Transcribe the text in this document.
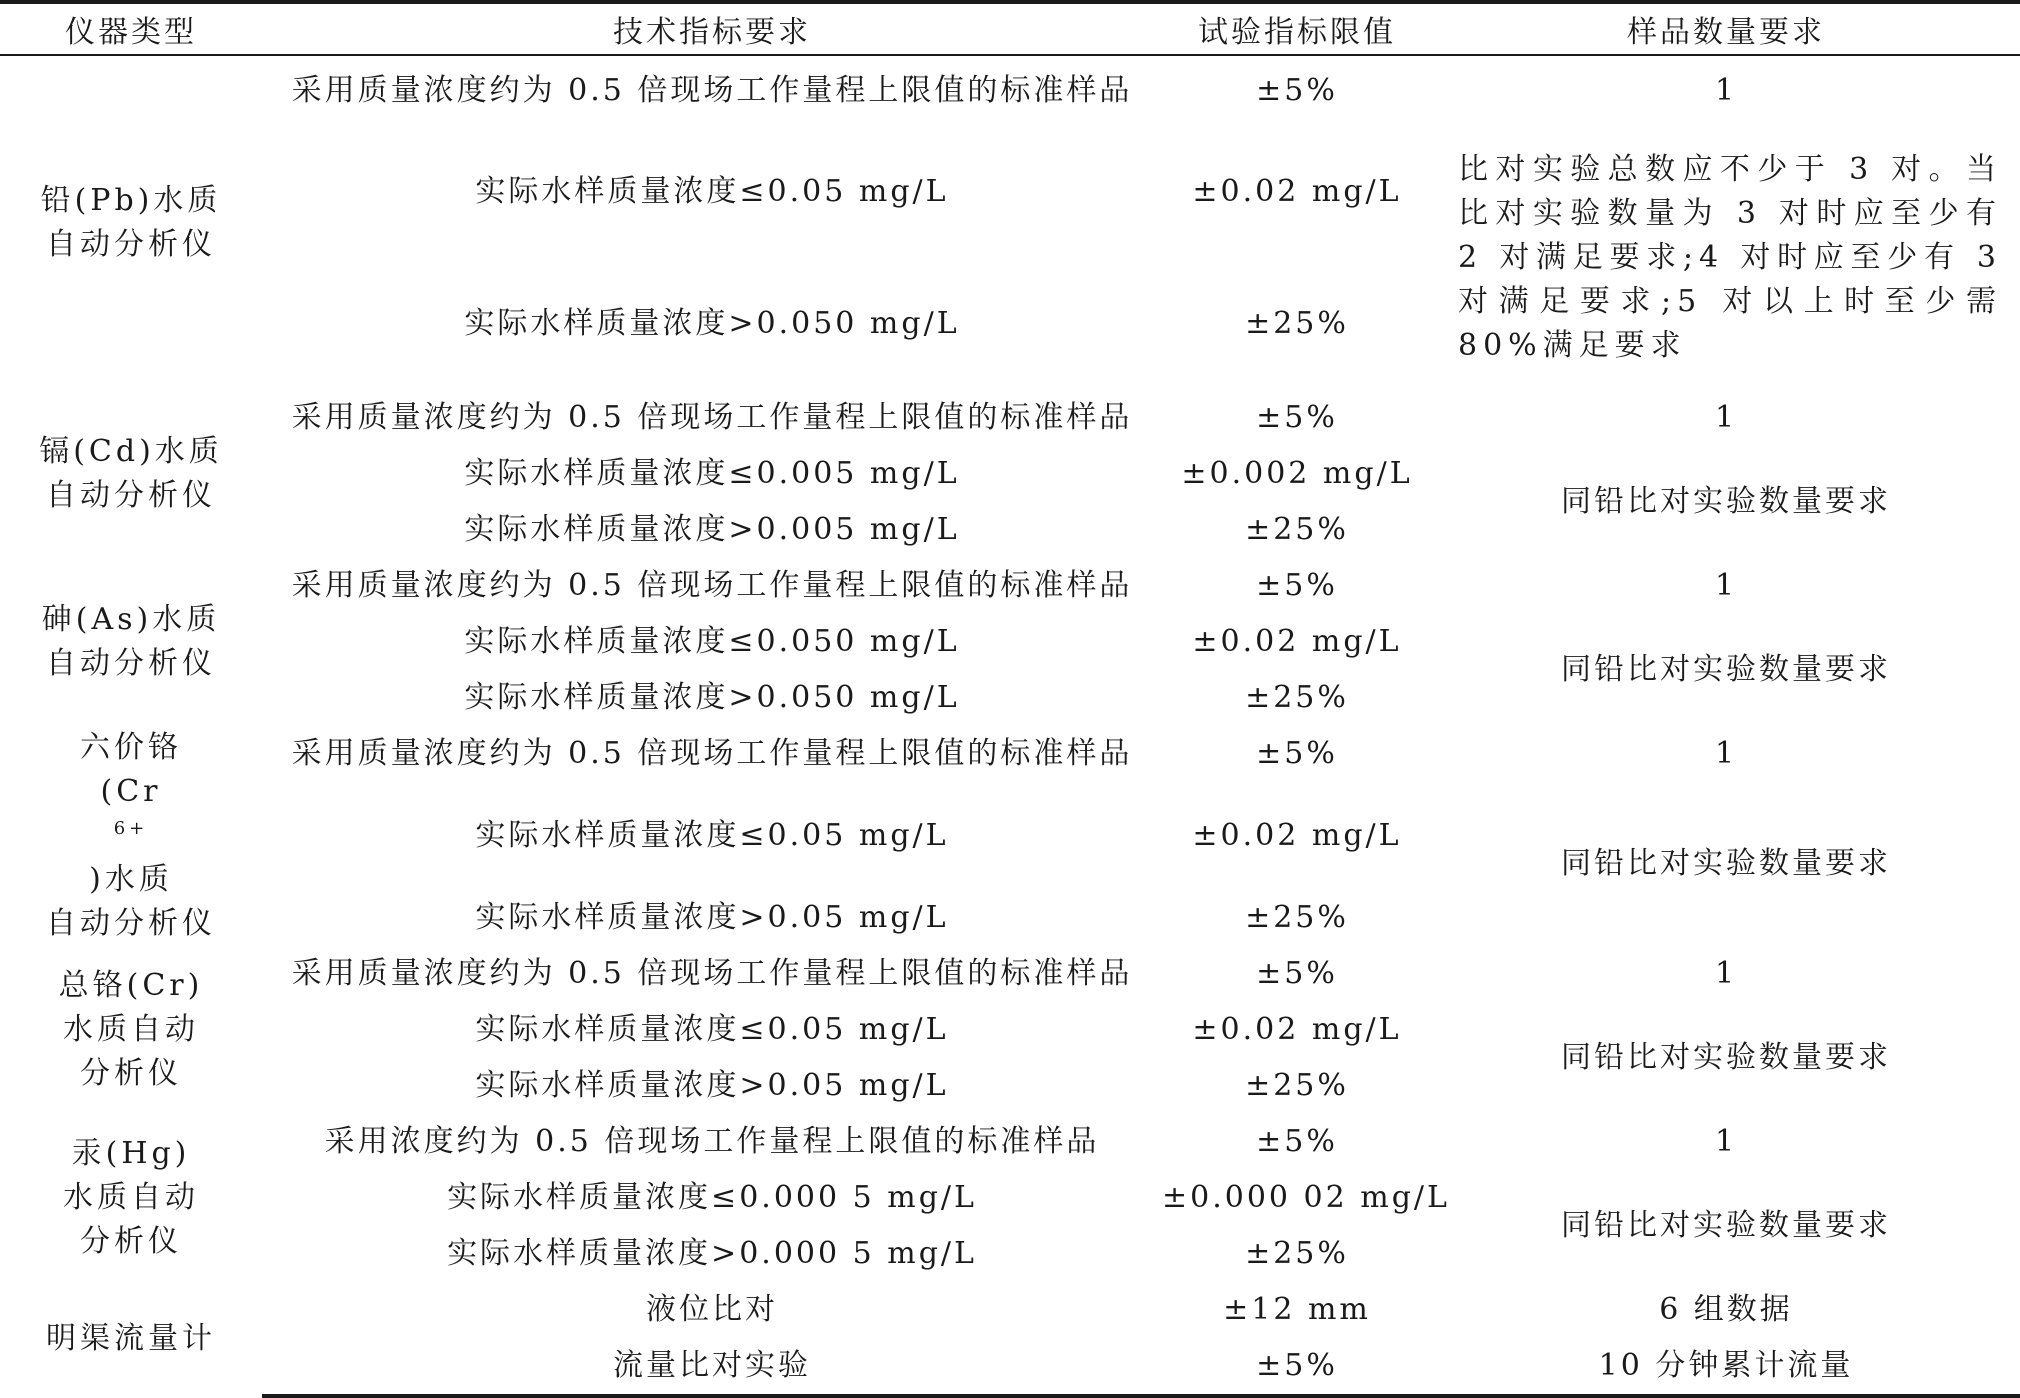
仪器类型	技术指标要求	试验指标限值	样品数量要求

铅(Pb)水质
自动分析仪	采用质量浓度约为 0.5 倍现场工作量程上限值的标准样品	±5%	1
	实际水样质量浓度≤0.05 mg/L	±0.02 mg/L	比对实验总数应不少于 3 对。当比对实验数量为 3 对时应至少有 2 对满足要求;4 对时应至少有 3 对满足要求;5 对以上时至少需 80%满足要求
	实际水样质量浓度>0.050 mg/L	±25%	

镉(Cd)水质
自动分析仪	采用质量浓度约为 0.5 倍现场工作量程上限值的标准样品	±5%	1
	实际水样质量浓度≤0.005 mg/L	±0.002 mg/L	同铅比对实验数量要求
	实际水样质量浓度>0.005 mg/L	±25%	

砷(As)水质
自动分析仪	采用质量浓度约为 0.5 倍现场工作量程上限值的标准样品	±5%	1
	实际水样质量浓度≤0.050 mg/L	±0.02 mg/L	同铅比对实验数量要求
	实际水样质量浓度>0.050 mg/L	±25%	

六价铬
(Cr
$^{6+}$
)水质
自动分析仪	采用质量浓度约为 0.5 倍现场工作量程上限值的标准样品	±5%	1
	实际水样质量浓度≤0.05 mg/L	±0.02 mg/L	同铅比对实验数量要求
	实际水样质量浓度>0.05 mg/L	±25%	

总铬(Cr)
水质自动
分析仪	采用质量浓度约为 0.5 倍现场工作量程上限值的标准样品	±5%	1
	实际水样质量浓度≤0.05 mg/L	±0.02 mg/L	同铅比对实验数量要求
	实际水样质量浓度>0.05 mg/L	±25%	

汞(Hg)
水质自动
分析仪	采用浓度约为 0.5 倍现场工作量程上限值的标准样品	±5%	1
	实际水样质量浓度≤0.000 5 mg/L	±0.000 02 mg/L	同铅比对实验数量要求
	实际水样质量浓度>0.000 5 mg/L	±25%	

明渠流量计	液位比对	±12 mm	6 组数据
	流量比对实验	±5%	10 分钟累计流量
